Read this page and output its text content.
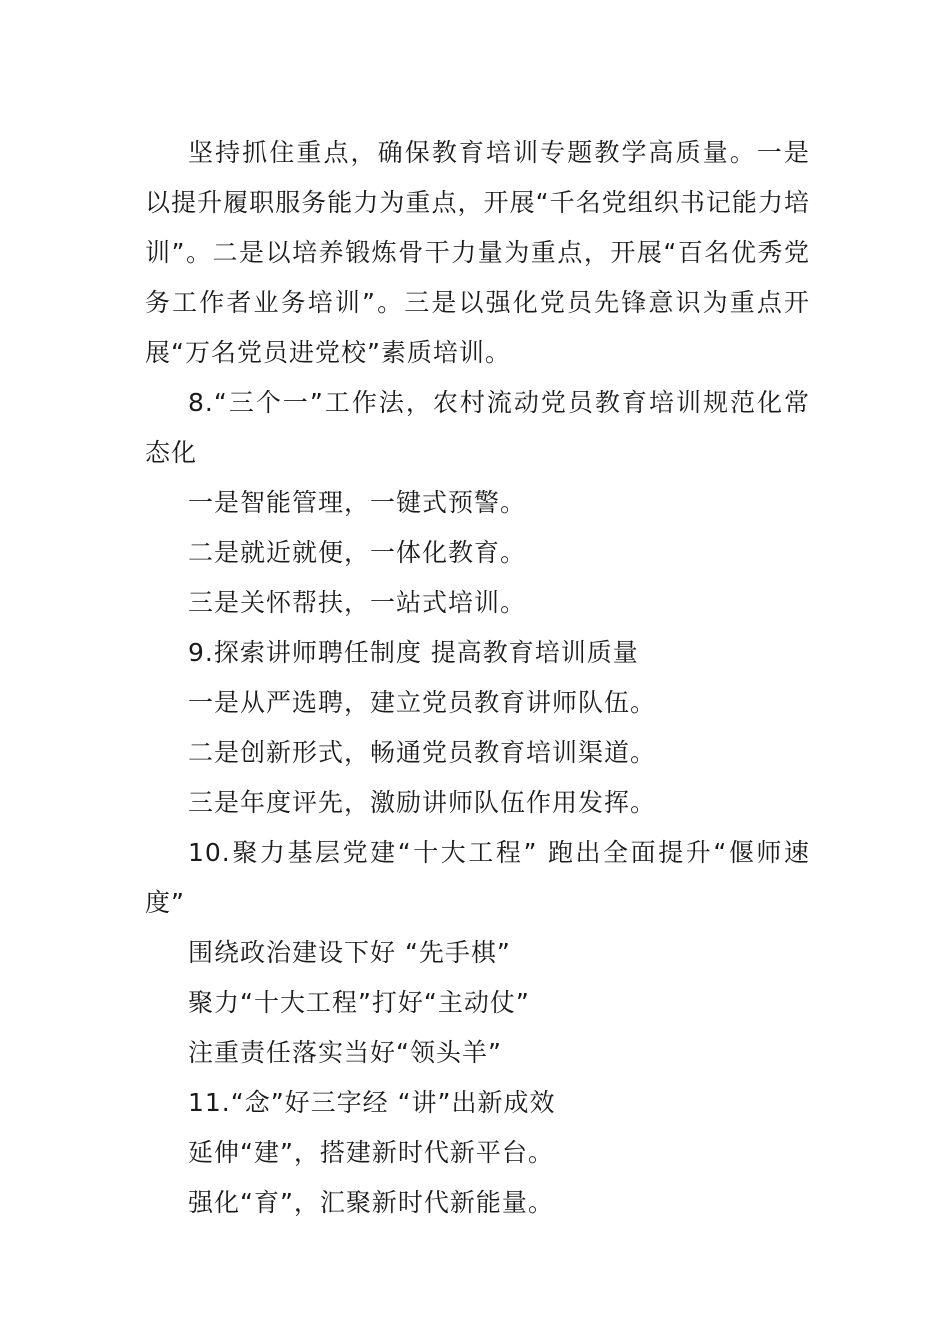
坚持抓住重点，确保教育培训专题教学高质量。一是以提升履职服务能力为重点，开展“千名党组织书记能力培训”。二是以培养锻炼骨干力量为重点，开展“百名优秀党务工作者业务培训”。三是以强化党员先锋意识为重点开展“万名党员进党校”素质培训。

8.“三个一”工作法，农村流动党员教育培训规范化常态化

一是智能管理，一键式预警。

二是就近就便，一体化教育。

三是关怀帮扶，一站式培训。

9.探索讲师聘任制度 提高教育培训质量

一是从严选聘，建立党员教育讲师队伍。

二是创新形式，畅通党员教育培训渠道。

三是年度评先，激励讲师队伍作用发挥。

10.聚力基层党建“十大工程” 跑出全面提升“偃师速度”

围绕政治建设下好 “先手棋”

聚力“十大工程”打好“主动仗”

注重责任落实当好“领头羊”

11.“念”好三字经 “讲”出新成效

延伸“建”，搭建新时代新平台。

强化“育”，汇聚新时代新能量。
